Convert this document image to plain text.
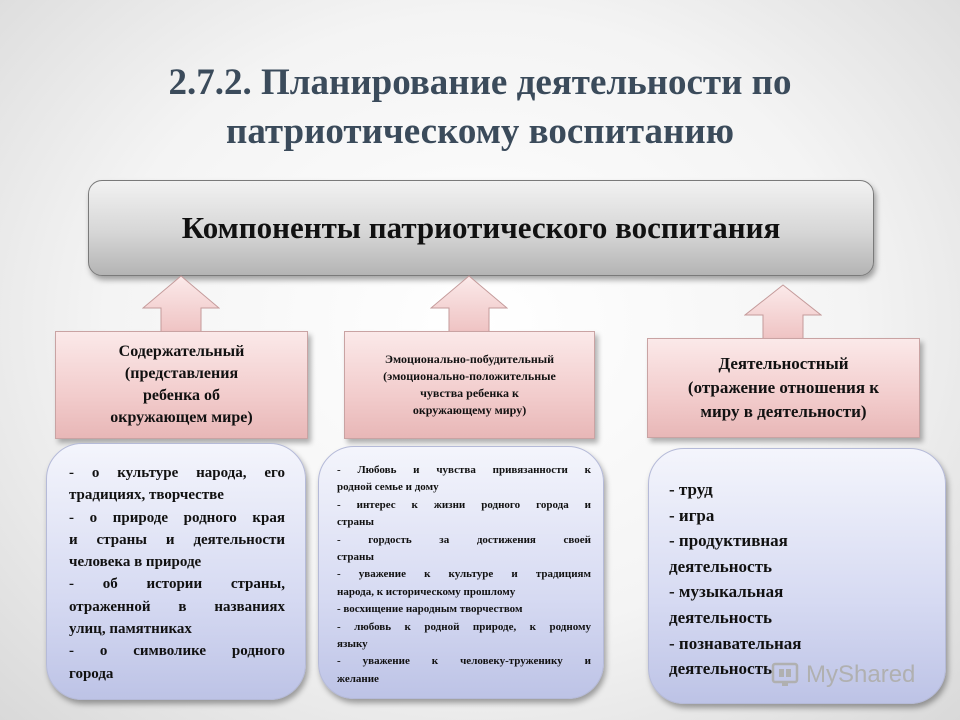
2.7.2. Планирование деятельности по
патриотическому воспитанию
Компоненты патриотического воспитания
Содержательный
(представления
ребенка об
окружающем мире)
Эмоционально-побудительный
(эмоционально-положительные
чувства ребенка к
окружающему миру)
Деятельностный
(отражение отношения к
миру в деятельности)
- о культуре народа, его
традициях, творчестве
- о природе родного края
и страны и деятельности
человека в природе
- об истории страны,
отраженной в названиях
улиц, памятниках
- о символике родного
города
- Любовь и чувства привязанности к
родной семье и дому
- интерес к жизни родного города и
страны
- гордость за достижения своей
страны
- уважение к культуре и традициям
народа, к историческому прошлому
- восхищение народным творчеством
- любовь к родной природе, к родному
языку
- уважение к человеку-труженику и
желание
- труд
- игра
- продуктивная
деятельность
- музыкальная
деятельность
- познавательная
деятельность	MyShared
